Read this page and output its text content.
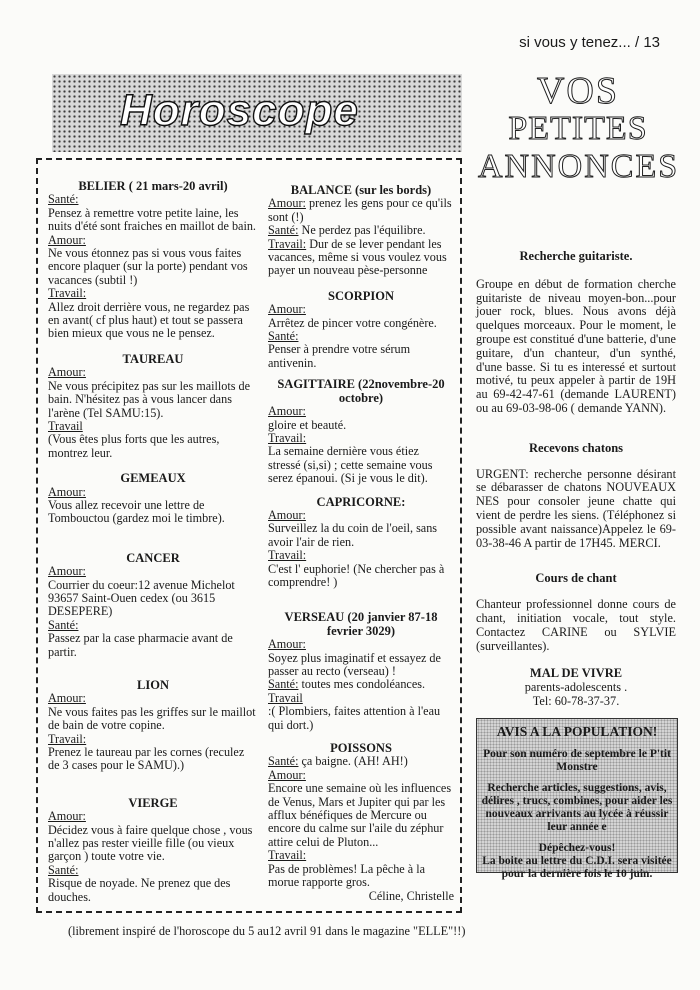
si vous y tenez... / 13
Horoscope	VOS
PETITES
ANNONCES

BELIER ( 21 mars-20 avril)

Santé:

Pensez à remettre votre petite laine, les nuits d'été sont fraiches en maillot de bain.

Amour:

Ne vous étonnez pas si vous vous faites encore plaquer (sur la porte) pendant vos vacances (subtil !)

Travail:

Allez droit derrière vous, ne regardez pas en avant( cf plus haut) et tout se passera bien mieux que vous ne le pensez.

TAUREAU

Amour:

Ne vous précipitez pas sur les maillots de bain. N'hésitez pas à vous lancer dans l'arène (Tel SAMU:15).

Travail

(Vous êtes plus forts que les autres, montrez leur.

GEMEAUX

Amour:

Vous allez recevoir une lettre de Tombouctou (gardez moi le timbre).

CANCER

Amour:

Courrier du coeur:12 avenue Michelot 93657 Saint-Ouen cedex (ou 3615 DESEPERE)

Santé:

Passez par la case pharmacie avant de partir.

LION

Amour:

Ne vous faites pas les griffes sur le maillot de bain de votre copine.

Travail:

Prenez le taureau par les cornes (reculez de 3 cases pour le SAMU).)

VIERGE

Amour:

Décidez vous à faire quelque chose , vous n'allez pas rester vieille fille (ou vieux garçon ) toute votre vie.

Santé:

Risque de noyade. Ne prenez que des douches.

BALANCE (sur les bords)

Amour: prenez les gens pour ce qu'ils sont (!)

Santé: Ne perdez pas l'équilibre.

Travail: Dur de se lever pendant les vacances, même si vous voulez vous payer un nouveau pèse-personne

SCORPION

Amour:

Arrêtez de pincer votre congénère.

Santé:

Penser à prendre votre sérum antivenin.

SAGITTAIRE (22novembre-20 octobre)

Amour:

gloire et beauté.

Travail:

La semaine dernière vous étiez stressé (si,si) ; cette semaine vous serez épanoui. (Si je vous le dit).

CAPRICORNE:

Amour:

Surveillez la du coin de l'oeil, sans avoir l'air de rien.

Travail:

C'est l' euphorie! (Ne chercher pas à comprendre! )

VERSEAU (20 janvier 87-18 fevrier 3029)

Amour:

Soyez plus imaginatif et essayez de passer au recto (verseau) !

Santé: toutes mes condoléances.

Travail

:( Plombiers, faites attention à l'eau qui dort.)

POISSONS

Santé: ça baigne. (AH! AH!)

Amour:

Encore une semaine où les influences de Venus, Mars et Jupiter qui par les afflux bénéfiques de Mercure ou encore du calme sur l'aile du zéphur attire celui de Pluton...

Travail:

Pas de problèmes! La pêche à la morue rapporte gros.

Céline, Christelle

(librement inspiré de l'horoscope du 5 au12 avril 91 dans le magazine "ELLE"!!)

Recherche guitariste.

Groupe en début de formation cherche guitariste de niveau moyen-bon...pour jouer rock, blues. Nous avons déjà quelques morceaux. Pour le moment, le groupe est constitué d'une batterie, d'une guitare, d'un chanteur, d'un synthé, d'une basse. Si tu es interessé et surtout motivé, tu peux appeler à partir de 19H au 69-42-47-61 (demande LAURENT) ou au 69-03-98-06 ( demande YANN).

Recevons chatons

URGENT: recherche personne désirant se débarasser de chatons NOUVEAUX NES pour consoler jeune chatte qui vient de perdre les siens. (Téléphonez si possible avant naissance)Appelez le 69-03-38-46 A partir de 17H45. MERCI.

Cours de chant

Chanteur professionnel donne cours de chant, initiation vocale, tout style. Contactez CARINE ou SYLVIE (surveillantes).

MAL DE VIVRE

parents-adolescents .

Tel: 60-78-37-37.

AVIS A LA POPULATION!
Pour son numéro de septembre le P'tit Monstre
Recherche articles, suggestions, avis, délires , trucs, combines, pour aider les nouveaux arrivants au lycée à réussir leur année e
Dépêchez-vous!
La boite au lettre du C.D.I. sera visitée pour la dernière fois le 10 juin.
